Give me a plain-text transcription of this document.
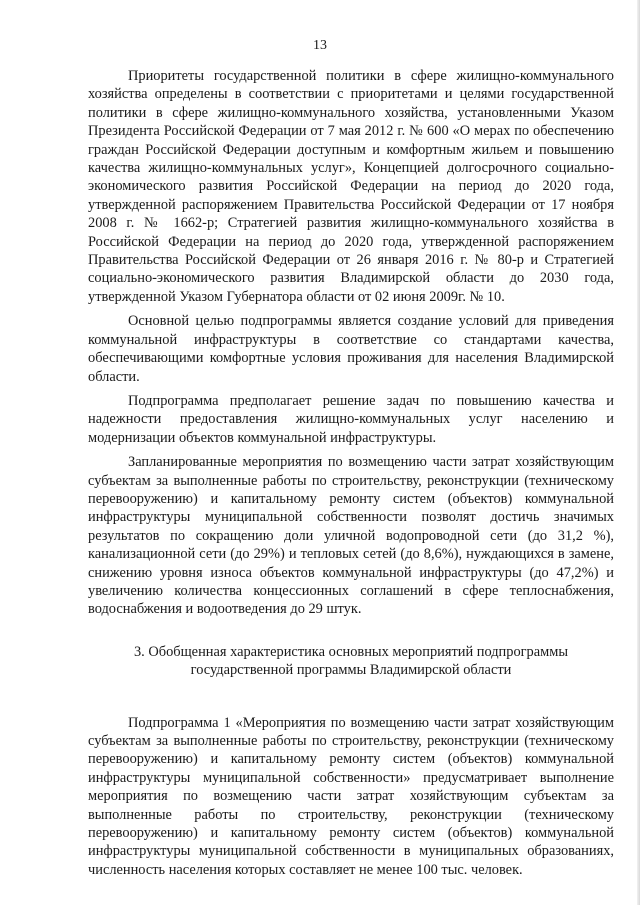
13

Приоритеты государственной политики в сфере жилищно-коммунального хозяйства определены в соответствии с приоритетами и целями государственной политики в сфере жилищно-коммунального хозяйства, установленными Указом Президента Российской Федерации от 7 мая 2012 г. № 600 «О мерах по обеспечению граждан Российской Федерации доступным и комфортным жильем и повышению качества жилищно-коммунальных услуг», Концепцией долгосрочного социально-экономического развития Российской Федерации на период до 2020 года, утвержденной распоряжением Правительства Российской Федерации от 17 ноября 2008 г. № 1662-р; Стратегией развития жилищно-коммунального хозяйства в Российской Федерации на период до 2020 года, утвержденной распоряжением Правительства Российской Федерации от 26 января 2016 г. № 80-р и Стратегией социально-экономического развития Владимирской области до 2030 года, утвержденной Указом Губернатора области от 02 июня 2009г. № 10.

Основной целью подпрограммы является создание условий для приведения коммунальной инфраструктуры в соответствие со стандартами качества, обеспечивающими комфортные условия проживания для населения Владимирской области.

Подпрограмма предполагает решение задач по повышению качества и надежности предоставления жилищно-коммунальных услуг населению и модернизации объектов коммунальной инфраструктуры.

Запланированные мероприятия по возмещению части затрат хозяйствующим субъектам за выполненные работы по строительству, реконструкции (техническому перевооружению) и капитальному ремонту систем (объектов) коммунальной инфраструктуры муниципальной собственности позволят достичь значимых результатов по сокращению доли уличной водопроводной сети (до 31,2 %), канализационной сети (до 29%) и тепловых сетей (до 8,6%), нуждающихся в замене, снижению уровня износа объектов коммунальной инфраструктуры (до 47,2%) и увеличению количества концессионных соглашений в сфере теплоснабжения, водоснабжения и водоотведения до 29 штук.

3. Обобщенная характеристика основных мероприятий подпрограммы
государственной программы Владимирской области

Подпрограмма 1 «Мероприятия по возмещению части затрат хозяйствующим субъектам за выполненные работы по строительству, реконструкции (техническому перевооружению) и капитальному ремонту систем (объектов) коммунальной инфраструктуры муниципальной собственности» предусматривает выполнение мероприятия по возмещению части затрат хозяйствующим субъектам за выполненные работы по строительству, реконструкции (техническому перевооружению) и капитальному ремонту систем (объектов) коммунальной инфраструктуры муниципальной собственности в муниципальных образованиях, численность населения которых составляет не менее 100 тыс. человек.
